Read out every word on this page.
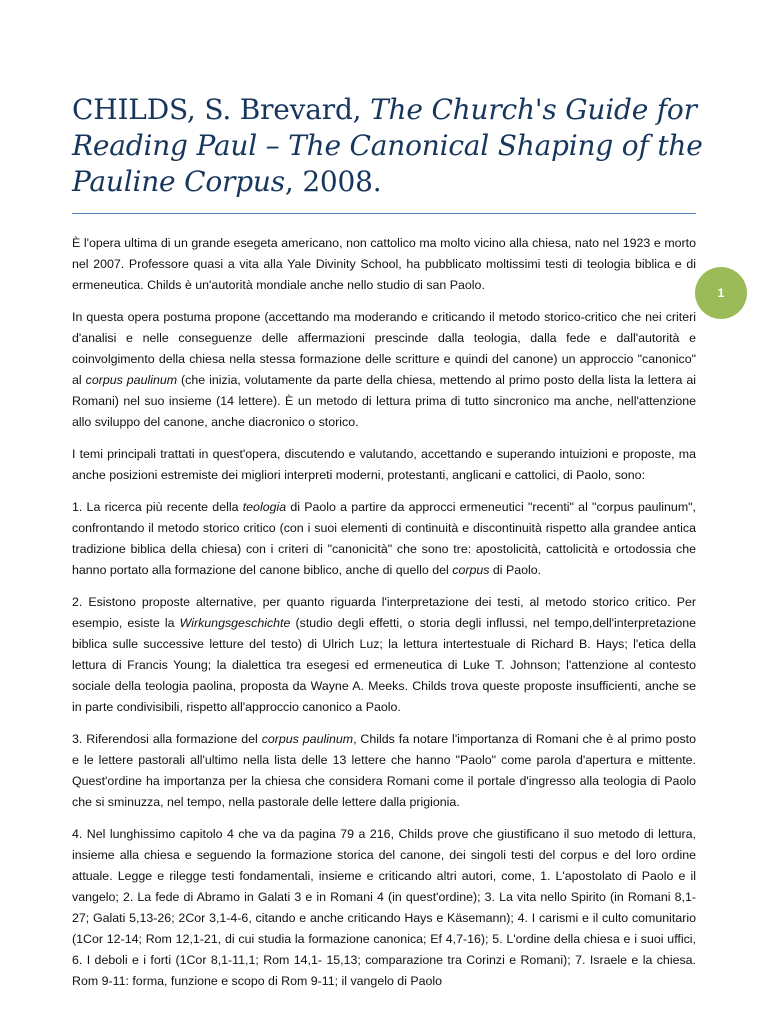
CHILDS, S. Brevard, The Church's Guide for Reading Paul – The Canonical Shaping of the Pauline Corpus, 2008.
1

È l'opera ultima di un grande esegeta americano, non cattolico ma molto vicino alla chiesa, nato nel 1923 e morto nel 2007. Professore quasi a vita alla Yale Divinity School, ha pubblicato moltissimi testi di teologia biblica e di ermeneutica. Childs è un'autorità mondiale anche nello studio di san Paolo.

In questa opera postuma propone (accettando ma moderando e criticando il metodo storico-critico che nei criteri d'analisi e nelle conseguenze delle affermazioni prescinde dalla teologia, dalla fede e dall'autorità e coinvolgimento della chiesa nella stessa formazione delle scritture e quindi del canone) un approccio "canonico" al corpus paulinum (che inizia, volutamente da parte della chiesa, mettendo al primo posto della lista la lettera ai Romani) nel suo insieme (14 lettere). È un metodo di lettura prima di tutto sincronico ma anche, nell'attenzione allo sviluppo del canone, anche diacronico o storico.

I temi principali trattati in quest'opera, discutendo e valutando, accettando e superando intuizioni e proposte, ma anche posizioni estremiste dei migliori interpreti moderni, protestanti, anglicani e cattolici, di Paolo, sono:

1. La ricerca più recente della teologia di Paolo a partire da approcci ermeneutici "recenti" al "corpus paulinum", confrontando il metodo storico critico (con i suoi elementi di continuità e discontinuità rispetto alla grandee antica tradizione biblica della chiesa) con i criteri di "canonicità" che sono tre: apostolicità, cattolicità e ortodossia che hanno portato alla formazione del canone biblico, anche di quello del corpus di Paolo.

2. Esistono proposte alternative, per quanto riguarda l'interpretazione dei testi, al metodo storico critico. Per esempio, esiste la Wirkungsgeschichte (studio degli effetti, o storia degli influssi, nel tempo,dell'interpretazione biblica sulle successive letture del testo) di Ulrich Luz; la lettura intertestuale di Richard B. Hays; l'etica della lettura di Francis Young; la dialettica tra esegesi ed ermeneutica di Luke T. Johnson; l'attenzione al contesto sociale della teologia paolina, proposta da Wayne A. Meeks. Childs trova queste proposte insufficienti, anche se in parte condivisibili, rispetto all'approccio canonico a Paolo.

3. Riferendosi alla formazione del corpus paulinum, Childs fa notare l'importanza di Romani che è al primo posto e le lettere pastorali all'ultimo nella lista delle 13 lettere che hanno "Paolo" come parola d'apertura e mittente. Quest'ordine ha importanza per la chiesa che considera Romani come il portale d'ingresso alla teologia di Paolo che si sminuzza, nel tempo, nella pastorale delle lettere dalla prigionia.

4. Nel lunghissimo capitolo 4 che va da pagina 79 a 216, Childs prove che giustificano il suo metodo di lettura, insieme alla chiesa e seguendo la formazione storica del canone, dei singoli testi del corpus e del loro ordine attuale. Legge e rilegge testi fondamentali, insieme e criticando altri autori, come, 1. L'apostolato di Paolo e il vangelo; 2. La fede di Abramo in Galati 3 e in Romani 4 (in quest'ordine); 3. La vita nello Spirito (in Romani 8,1-27; Galati 5,13-26; 2Cor 3,1-4-6, citando e anche criticando Hays e Käsemann); 4. I carismi e il culto comunitario (1Cor 12-14; Rom 12,1-21, di cui studia la formazione canonica; Ef 4,7-16); 5. L'ordine della chiesa e i suoi uffici, 6. I deboli e i forti (1Cor 8,1-11,1; Rom 14,1- 15,13; comparazione tra Corinzi e Romani); 7. Israele e la chiesa. Rom 9-11: forma, funzione e scopo di Rom 9-11; il vangelo di Paolo
